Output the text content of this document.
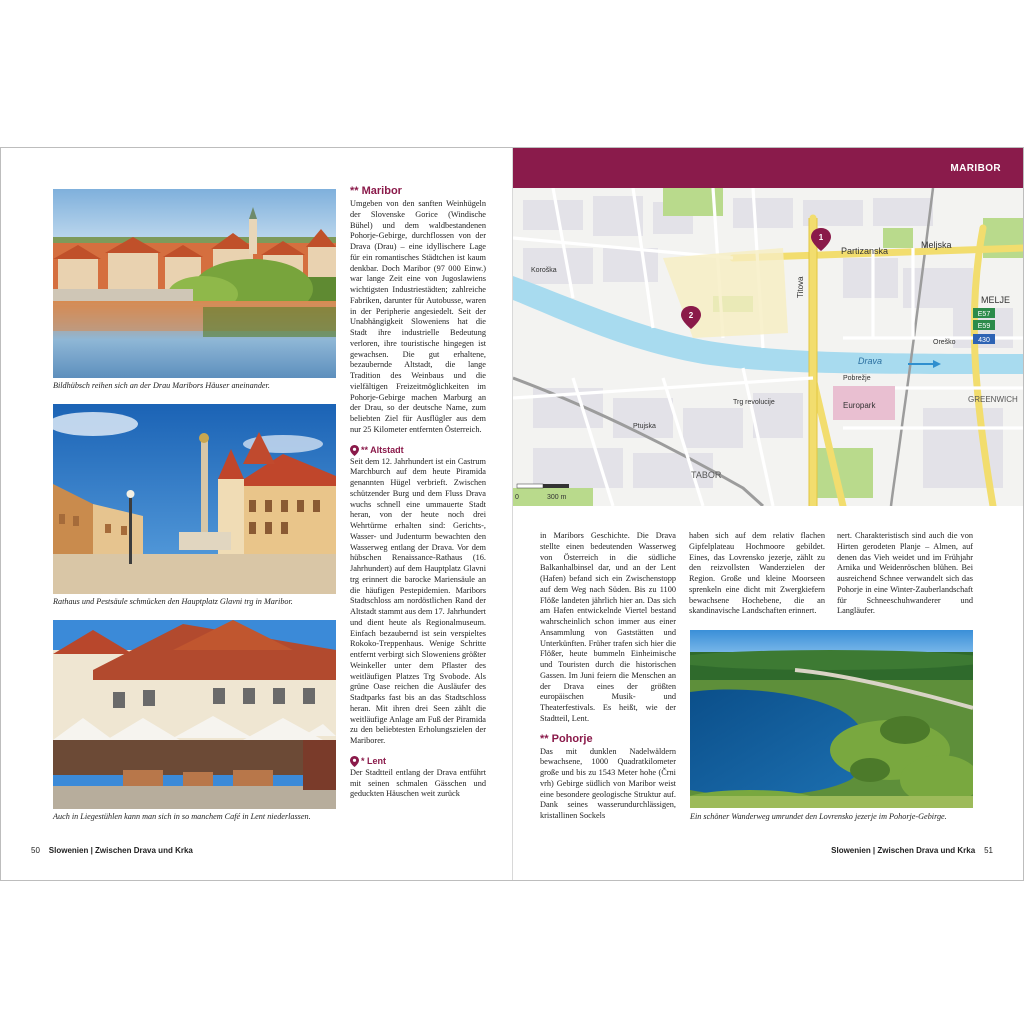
Bildhübsch reihen sich an der Drau Maribors Häuser aneinander.
Rathaus und Pestsäule schmücken den Hauptplatz Glavni trg in Maribor.
Auch in Liegestühlen kann man sich in so manchem Café in Lent niederlassen.
** Maribor

Umgeben von den sanften Weinhügeln der Slovenske Gorice (Windische Bühel) und dem waldbestandenen Pohorje-Gebirge, durchflossen von der Drava (Drau) – eine idyllischere Lage für ein romantisches Städtchen ist kaum denkbar. Doch Maribor (97 000 Einw.) war lange Zeit eine von Jugoslawiens wichtigsten Industriestädten; zahlreiche Fabriken, darunter für Autobusse, waren in der Peripherie angesiedelt. Seit der Unabhängigkeit Sloweniens hat die Stadt ihre industrielle Bedeutung verloren, ihre touristische hingegen ist gewachsen. Die gut erhaltene, bezaubernde Altstadt, die lange Tradition des Weinbaus und die vielfältigen Freizeitmöglichkeiten im Pohorje-Gebirge machen Marburg an der Drau, so der deutsche Name, zum beliebten Ziel für Ausflügler aus dem nur 25 Kilometer entfernten Österreich.

** Altstadt

Seit dem 12. Jahrhundert ist ein Castrum Marchburch auf dem heute Piramida genannten Hügel verbrieft. Zwischen schützender Burg und dem Fluss Drava wuchs schnell eine ummauerte Stadt heran, von der heute noch drei Wehrtürme erhalten sind: Gerichts-, Wasser- und Judenturm bewachten den Wasserweg entlang der Drava. Vor dem hübschen Renaissance-Rathaus (16. Jahrhundert) auf dem Hauptplatz Glavni trg erinnert die barocke Mariensäule an die häufigen Pestepidemien. Maribors Stadtschloss am nordöstlichen Rand der Altstadt stammt aus dem 17. Jahrhundert und dient heute als Regionalmuseum. Einfach bezaubernd ist sein verspieltes Rokoko-Treppenhaus. Wenige Schritte entfernt verbirgt sich Sloweniens größter Weinkeller unter dem Pflaster des weitläufigen Platzes Trg Svobode. Als grüne Oase reichen die Ausläufer des Stadtparks fast bis an das Stadtschloss heran. Mit ihren drei Seen zählt die weitläufige Anlage am Fuß der Piramida zu den beliebtesten Erholungszielen der Mariborer.

* Lent

Der Stadtteil entlang der Drava entführt mit seinen schmalen Gässchen und geduckten Häuschen weit zurück

50 Slowenien | Zwischen Drava und Krka
MARIBOR
E57
E59
430
Partizanska
Meljska
MELJE
Drava
TABOR
Europark
GREENWICH
Titova
Koroška
Trg revolucije
Ptujska
Oreško
Pobrežje
1
2
0	300 m

in Maribors Geschichte. Die Drava stellte einen bedeutenden Wasserweg von Österreich in die südliche Balkanhalbinsel dar, und an der Lent (Hafen) befand sich ein Zwischenstopp auf dem Weg nach Süden. Bis zu 1100 Flöße landeten jährlich hier an. Das sich am Hafen entwickelnde Viertel bestand wahrscheinlich schon immer aus einer Ansammlung von Gaststätten und Unterkünften. Früher trafen sich hier die Flößer, heute bummeln Einheimische und Touristen durch die historischen Gassen. Im Juni feiern die Menschen an der Drava eines der größten europäischen Musik- und Theaterfestivals. Es heißt, wie der Stadtteil, Lent.

** Pohorje

Das mit dunklen Nadelwäldern bewachsene, 1000 Quadratkilometer große und bis zu 1543 Meter hohe (Črni vrh) Gebirge südlich von Maribor weist eine besondere geologische Struktur auf. Dank seines wasserundurchlässigen, kristallinen Sockels

haben sich auf dem relativ flachen Gipfelplateau Hochmoore gebildet. Eines, das Lovrensko jezerje, zählt zu den reizvollsten Wanderzielen der Region. Große und kleine Moorseen sprenkeln eine dicht mit Zwergkiefern bewachsene Hochebene, die an skandinavische Landschaften erinnert.

nert. Charakteristisch sind auch die von Hirten gerodeten Planje – Almen, auf denen das Vieh weidet und im Frühjahr Arnika und Weidenröschen blühen. Bei ausreichend Schnee verwandelt sich das Pohorje in eine Winter-Zauberlandschaft für Schneeschuhwanderer und Langläufer.

Ein schöner Wanderweg umrundet den Lovrensko jezerje im Pohorje-Gebirge.
Slowenien | Zwischen Drava und Krka 51
